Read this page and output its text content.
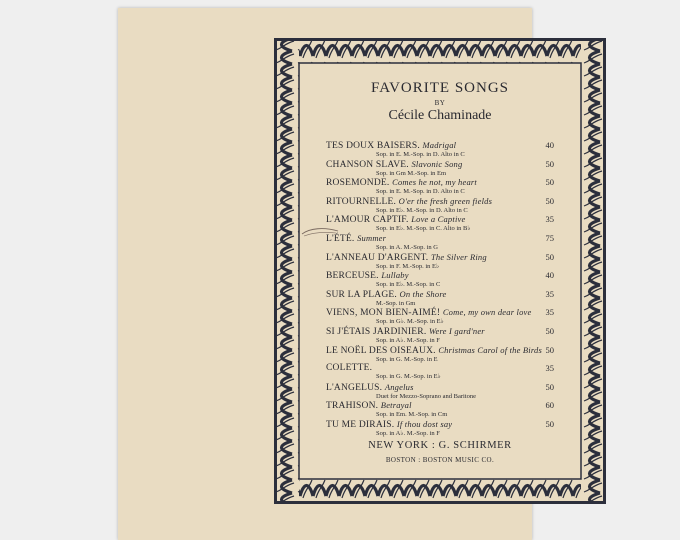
FAVORITE SONGS
BY
Cécile Chaminade
TES DOUX BAISERS. Madrigal
Sop. in E. M.-Sop. in D. Alto in C
40
CHANSON SLAVE. Slavonic Song
Sop. in Gm M.-Sop. in Em
50
ROSEMONDE. Comes he not, my heart
Sop. in E. M.-Sop. in D. Alto in C
50
RITOURNELLE. O'er the fresh green fields
Sop. in E♭. M.-Sop. in D. Alto in C
50
L'AMOUR CAPTIF. Love a Captive
Sop. in E♭. M.-Sop. in C. Alto in B♭
35
L'ÉTÉ. Summer
Sop. in A. M.-Sop. in G
75
L'ANNEAU D'ARGENT. The Silver Ring
Sop. in F. M.-Sop. in E♭
50
BERCEUSE. Lullaby
Sop. in E♭. M.-Sop. in C
40
SUR LA PLAGE. On the Shore
M.-Sop. in Gm
35
VIENS, MON BIEN-AIMÉ! Come, my own dear love
Sop. in G♭. M.-Sop. in E♭
35
SI J'ÉTAIS JARDINIER. Were I gard'ner
Sop. in A♭. M.-Sop. in F
50
LE NOËL DES OISEAUX. Christmas Carol of the Birds
Sop. in G. M.-Sop. in E
50
COLETTE.
Sop. in G. M.-Sop. in E♭
35
L'ANGELUS. Angelus
Duet for Mezzo-Soprano and Baritone
50
TRAHISON. Betrayal
Sop. in Em. M.-Sop. in Cm
60
TU ME DIRAIS. If thou dost say
Sop. in A♭. M.-Sop. in F
50
NEW YORK : G. SCHIRMER
BOSTON : BOSTON MUSIC CO.
